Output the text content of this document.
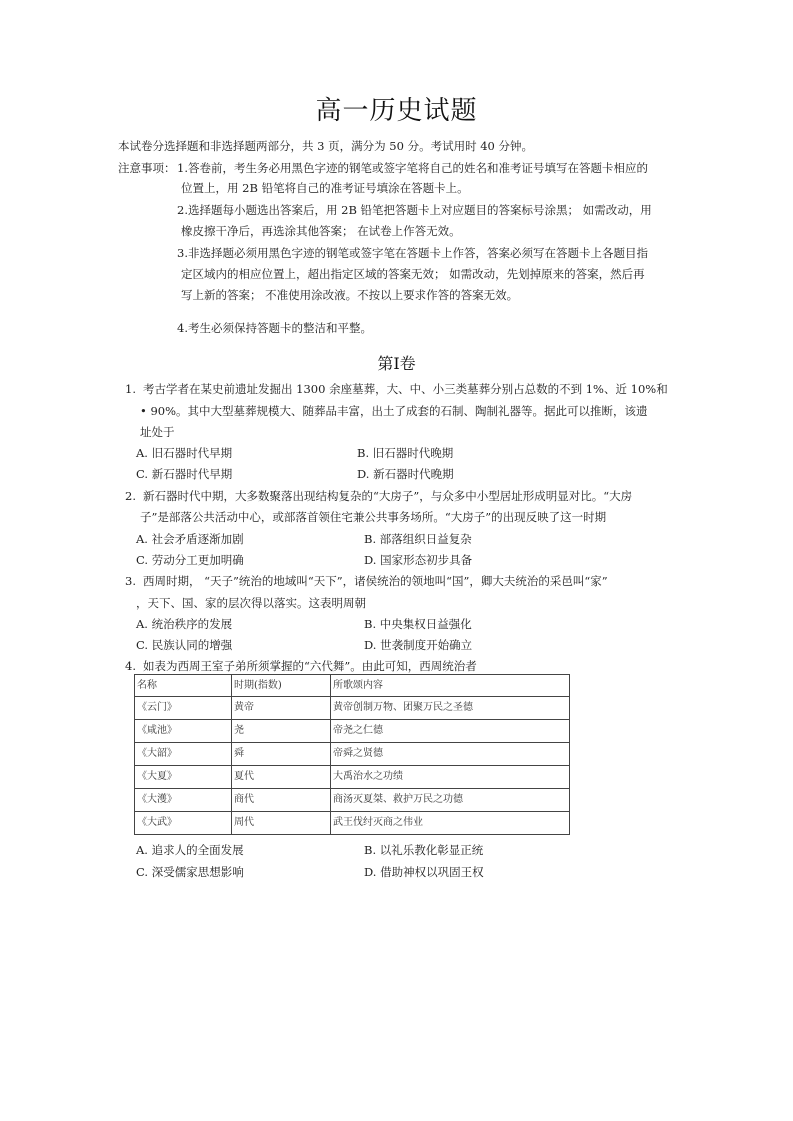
高一历史试题
本试卷分选择题和非选择题两部分，共 3 页，满分为 50 分。考试用时 40 分钟。
注意事项： 1.答卷前，考生务必用黑色字迹的钢笔或签字笔将自己的姓名和准考证号填写在答题卡相应的
位置上，用 2B 铅笔将自己的准考证号填涂在答题卡上。
2.选择题每小题选出答案后，用 2B 铅笔把答题卡上对应题目的答案标号涂黑； 如需改动，用
橡皮擦干净后，再选涂其他答案； 在试卷上作答无效。
3.非选择题必须用黑色字迹的钢笔或签字笔在答题卡上作答，答案必须写在答题卡上各题目指
定区域内的相应位置上，超出指定区域的答案无效； 如需改动，先划掉原来的答案，然后再
写上新的答案； 不准使用涂改液。不按以上要求作答的答案无效。
4.考生必须保持答题卡的整洁和平整。
第Ⅰ卷
1. 考古学者在某史前遗址发掘出 1300 余座墓葬，大、中、小三类墓葬分别占总数的不到 1%、近 10%和
• 90%。其中大型墓葬规模大、随葬品丰富，出土了成套的石制、陶制礼器等。据此可以推断，该遗
址处于
A. 旧石器时代早期	B. 旧石器时代晚期
C. 新石器时代早期	D. 新石器时代晚期
2. 新石器时代中期，大多数聚落出现结构复杂的“大房子”，与众多中小型居址形成明显对比。“大房
子”是部落公共活动中心，或部落首领住宅兼公共事务场所。“大房子”的出现反映了这一时期
A. 社会矛盾逐渐加剧	B. 部落组织日益复杂
C. 劳动分工更加明确	D. 国家形态初步具备
3. 西周时期， “天子”统治的地域叫“天下”，诸侯统治的领地叫“国”，卿大夫统治的采邑叫“家”
，天下、国、家的层次得以落实。这表明周朝
A. 统治秩序的发展	B. 中央集权日益强化
C. 民族认同的增强	D. 世袭制度开始确立
4. 如表为西周王室子弟所须掌握的“六代舞”。由此可知，西周统治者
名称	时期(指数)	所歌颂内容
《云门》	黄帝	黄帝创制万物、团聚万民之圣德
《咸池》	尧	帝尧之仁德
《大韶》	舜	帝舜之贤德
《大夏》	夏代	大禹治水之功绩
《大濩》	商代	商汤灭夏桀、救护万民之功德
《大武》	周代	武王伐纣灭商之伟业
A. 追求人的全面发展	B. 以礼乐教化彰显正统
C. 深受儒家思想影响	D. 借助神权以巩固王权
